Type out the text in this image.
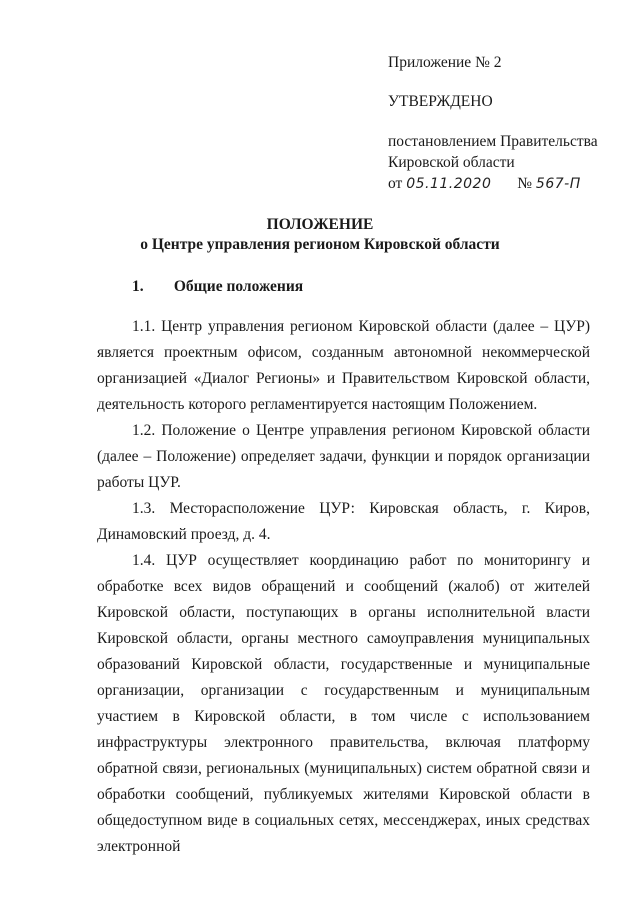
Приложение № 2
УТВЕРЖДЕНО
постановлением Правительства
Кировской области
от 05.11.2020 № 567-П
ПОЛОЖЕНИЕ
о Центре управления регионом Кировской области
1. Общие положения
1.1. Центр управления регионом Кировской области (далее – ЦУР) является проектным офисом, созданным автономной некоммерческой организацией «Диалог Регионы» и Правительством Кировской области, деятельность которого регламентируется настоящим Положением.
1.2. Положение о Центре управления регионом Кировской области (далее – Положение) определяет задачи, функции и порядок организации работы ЦУР.
1.3. Месторасположение ЦУР: Кировская область, г. Киров, Динамовский проезд, д. 4.
1.4. ЦУР осуществляет координацию работ по мониторингу и обработке всех видов обращений и сообщений (жалоб) от жителей Кировской области, поступающих в органы исполнительной власти Кировской области, органы местного самоуправления муниципальных образований Кировской области, государственные и муниципальные организации, организации с государственным и муниципальным участием в Кировской области, в том числе с использованием инфраструктуры электронного правительства, включая платформу обратной связи, региональных (муниципальных) систем обратной связи и обработки сообщений, публикуемых жителями Кировской области в общедоступном виде в социальных сетях, мессенджерах, иных средствах электронной
